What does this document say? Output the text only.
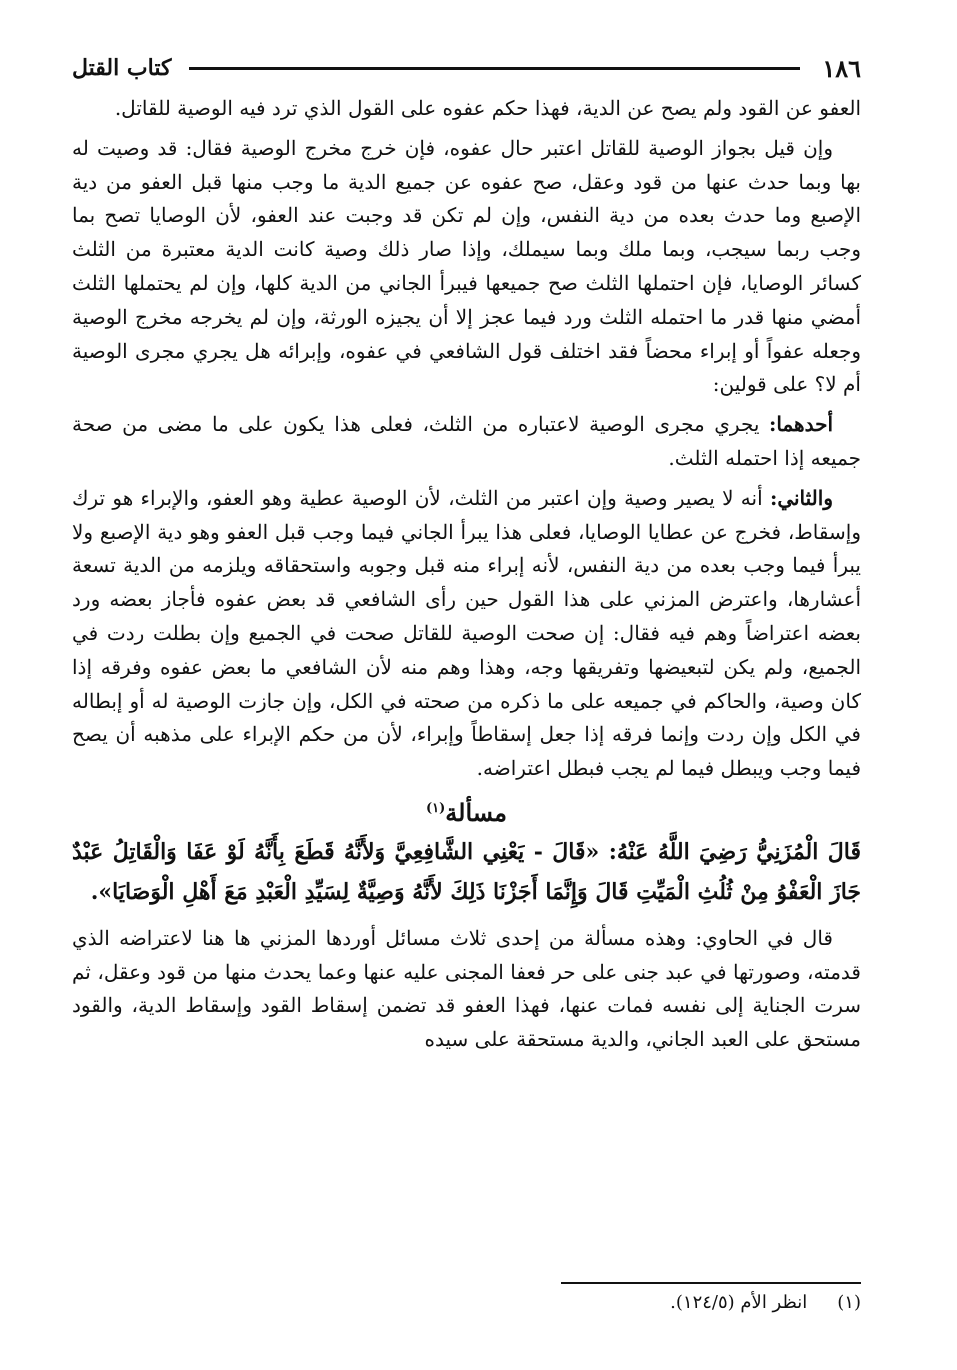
١٨٦
كتاب القتل

العفو عن القود ولم يصح عن الدية، فهذا حكم عفوه على القول الذي ترد فيه الوصية للقاتل.

وإن قيل بجواز الوصية للقاتل اعتبر حال عفوه، فإن خرج مخرج الوصية فقال: قد وصيت له بها وبما حدث عنها من قود وعقل، صح عفوه عن جميع الدية ما وجب منها قبل العفو من دية الإصبع وما حدث بعده من دية النفس، وإن لم تكن قد وجبت عند العفو، لأن الوصايا تصح بما وجب ربما سيجب، وبما ملك وبما سيملك، وإذا صار ذلك وصية كانت الدية معتبرة من الثلث كسائر الوصايا، فإن احتملها الثلث صح جميعها فيبرأ الجاني من الدية كلها، وإن لم يحتملها الثلث أمضي منها قدر ما احتمله الثلث ورد فيما عجز إلا أن يجيزه الورثة، وإن لم يخرجه مخرج الوصية وجعله عفواً أو إبراء محضاً فقد اختلف قول الشافعي في عفوه، وإبرائه هل يجري مجرى الوصية أم لا؟ على قولين:

أحدهما: يجري مجرى الوصية لاعتباره من الثلث، فعلى هذا يكون على ما مضى من صحة جميعه إذا احتمله الثلث.

والثاني: أنه لا يصير وصية وإن اعتبر من الثلث، لأن الوصية عطية وهو العفو، والإبراء هو ترك وإسقاط، فخرج عن عطايا الوصايا، فعلى هذا يبرأ الجاني فيما وجب قبل العفو وهو دية الإصبع ولا يبرأ فيما وجب بعده من دية النفس، لأنه إبراء منه قبل وجوبه واستحقاقه ويلزمه من الدية تسعة أعشارها، واعترض المزني على هذا القول حين رأى الشافعي قد بعض عفوه فأجاز بعضه ورد بعضه اعتراضاً وهم فيه فقال: إن صحت الوصية للقاتل صحت في الجميع وإن بطلت ردت في الجميع، ولم يكن لتبعيضها وتفريقها وجه، وهذا وهم منه لأن الشافعي ما بعض عفوه وفرقه إذا كان وصية، والحاكم في جميعه على ما ذكره من صحته في الكل، وإن جازت الوصية له أو إبطاله في الكل وإن ردت وإنما فرقه إذا جعل إسقاطاً وإبراء، لأن من حكم الإبراء على مذهبه أن يصح فيما وجب ويبطل فيما لم يجب فبطل اعتراضه.

مسألة$^{(١)}$

قَالَ الْمُزَنِيُّ رَضِيَ اللَّهُ عَنْهُ: «قَالَ - يَعْنِي الشَّافِعِيَّ وَلأَنَّهُ قَطَعَ بِأَنَّهُ لَوْ عَفَا وَالْقَاتِلُ عَبْدٌ جَازَ الْعَفْوُ مِنْ ثُلُثِ الْمَيِّتِ قَالَ وَإِنَّمَا أَجَزْنَا ذَلِكَ لأَنَّهُ وَصِيَّةٌ لِسَيِّدِ الْعَبْدِ مَعَ أَهْلِ الْوَصَايَا».

قال في الحاوي: وهذه مسألة من إحدى ثلاث مسائل أوردها المزني ها هنا لاعتراضه الذي قدمته، وصورتها في عبد جنى على حر فعفا المجنى عليه عنها وعما يحدث منها من قود وعقل، ثم سرت الجناية إلى نفسه فمات عنها، فهذا العفو قد تضمن إسقاط القود وإسقاط الدية، والقود مستحق على العبد الجاني، والدية مستحقة على سيده

(١)
انظر الأم (١٢٤/٥).
